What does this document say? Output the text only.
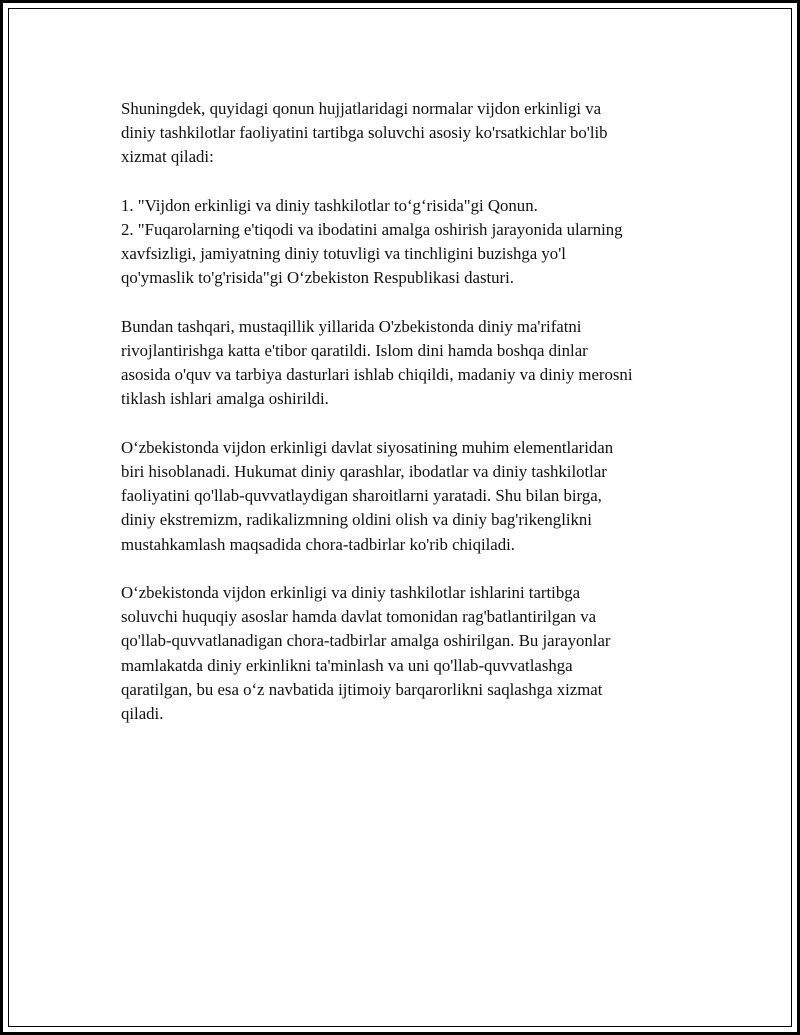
Shuningdek, quyidagi qonun hujjatlaridagi normalar vijdon erkinligi va
diniy tashkilotlar faoliyatini tartibga soluvchi asosiy ko'rsatkichlar bo'lib
xizmat qiladi:

1. "Vijdon erkinligi va diniy tashkilotlar to‘g‘risida"gi Qonun.

2. "Fuqarolarning e'tiqodi va ibodatini amalga oshirish jarayonida ularning
xavfsizligi, jamiyatning diniy totuvligi va tinchligini buzishga yo'l
qo'ymaslik to'g'risida"gi O‘zbekiston Respublikasi dasturi.

Bundan tashqari, mustaqillik yillarida O'zbekistonda diniy ma'rifatni
rivojlantirishga katta e'tibor qaratildi. Islom dini hamda boshqa dinlar
asosida o'quv va tarbiya dasturlari ishlab chiqildi, madaniy va diniy merosni
tiklash ishlari amalga oshirildi.

O‘zbekistonda vijdon erkinligi davlat siyosatining muhim elementlaridan
biri hisoblanadi. Hukumat diniy qarashlar, ibodatlar va diniy tashkilotlar
faoliyatini qo'llab-quvvatlaydigan sharoitlarni yaratadi. Shu bilan birga,
diniy ekstremizm, radikalizmning oldini olish va diniy bag'rikenglikni
mustahkamlash maqsadida chora-tadbirlar ko'rib chiqiladi.

O‘zbekistonda vijdon erkinligi va diniy tashkilotlar ishlarini tartibga
soluvchi huquqiy asoslar hamda davlat tomonidan rag'batlantirilgan va
qo'llab-quvvatlanadigan chora-tadbirlar amalga oshirilgan. Bu jarayonlar
mamlakatda diniy erkinlikni ta'minlash va uni qo'llab-quvvatlashga
qaratilgan, bu esa o‘z navbatida ijtimoiy barqarorlikni saqlashga xizmat
qiladi.
